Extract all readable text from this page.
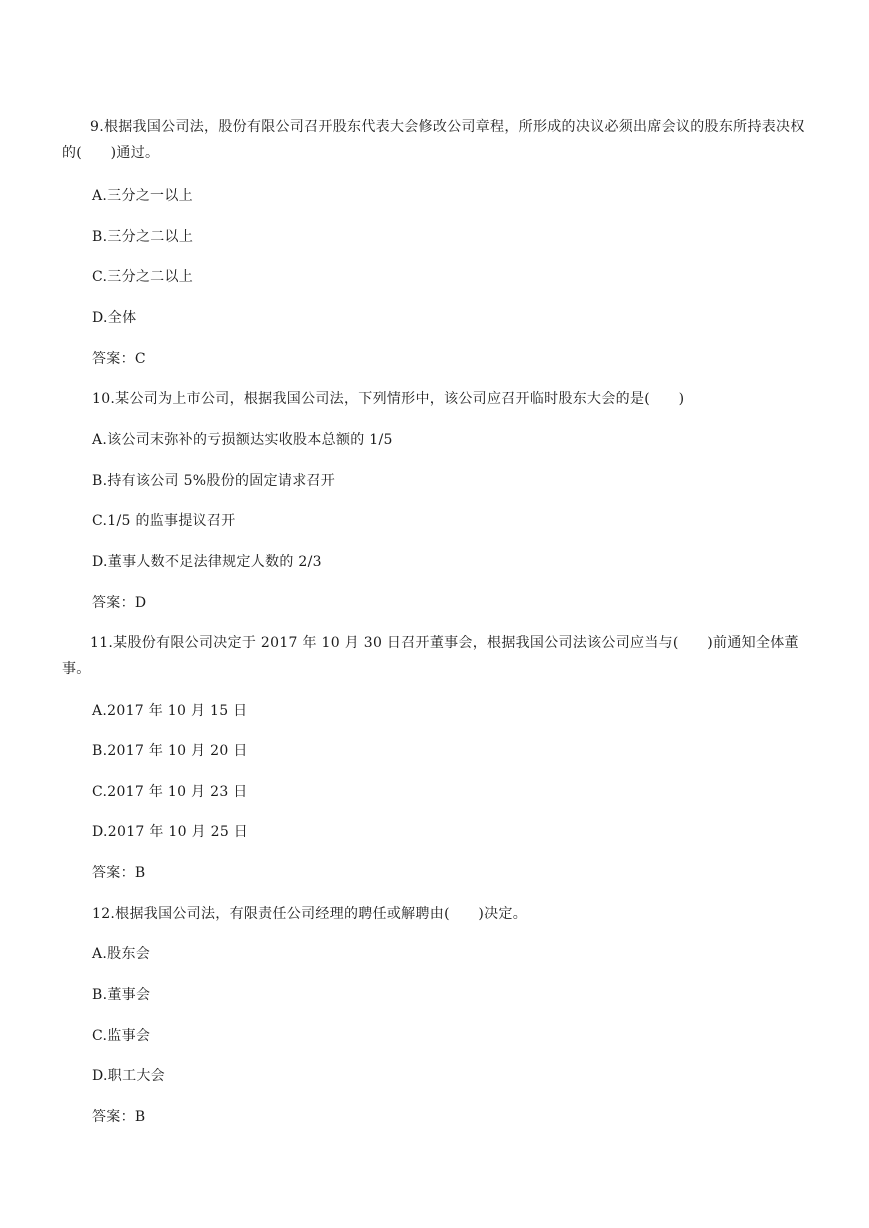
9.根据我国公司法，股份有限公司召开股东代表大会修改公司章程，所形成的决议必须出席会议的股东所持表决权的(　　)通过。

A.三分之一以上

B.三分之二以上

C.三分之二以上

D.全体

答案：C

10.某公司为上市公司，根据我国公司法，下列情形中，该公司应召开临时股东大会的是(　　)

A.该公司末弥补的亏损额达实收股本总额的 1/5

B.持有该公司 5%股份的固定请求召开

C.1/5 的监事提议召开

D.董事人数不足法律规定人数的 2/3

答案：D

11.某股份有限公司决定于 2017 年 10 月 30 日召开董事会，根据我国公司法该公司应当与(　　)前通知全体董事。

A.2017 年 10 月 15 日

B.2017 年 10 月 20 日

C.2017 年 10 月 23 日

D.2017 年 10 月 25 日

答案：B

12.根据我国公司法，有限责任公司经理的聘任或解聘由(　　)决定。

A.股东会

B.董事会

C.监事会

D.职工大会

答案：B
